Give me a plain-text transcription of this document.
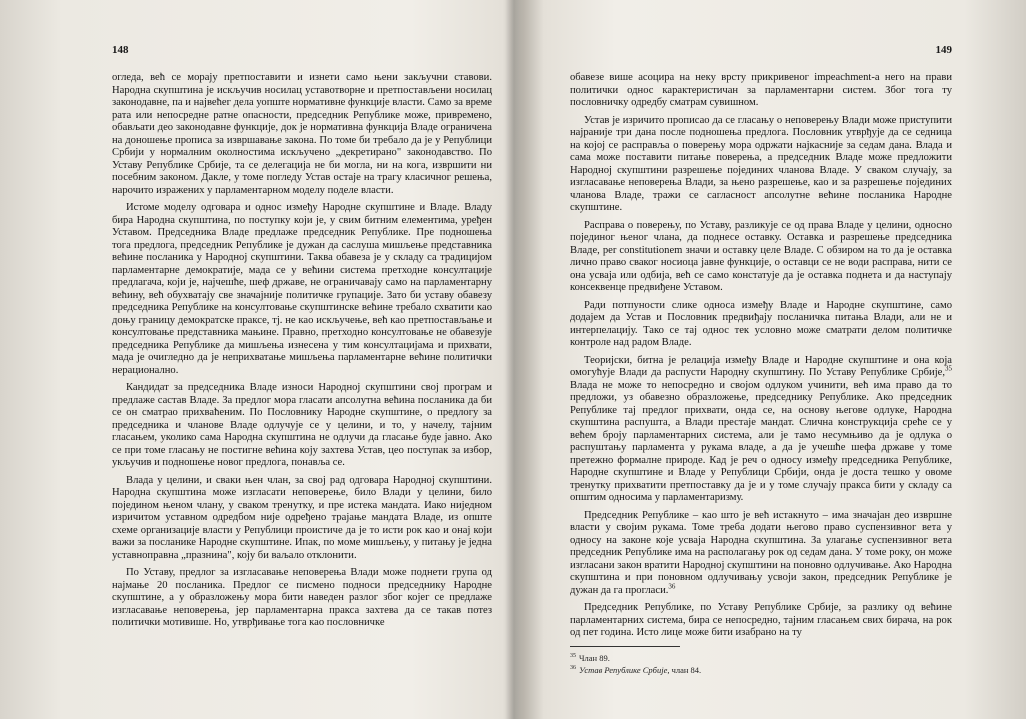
148

огледа, већ се морају претпоставити и изнети само њени закључни ставови. Народна скупштина је искључив носилац уставотворне и претпостављени носилац законодавне, па и највећег дела уопште нормативне функције власти. Само за време рата или непосредне ратне опасности, председник Републике може, привремено, обављати део законодавне функције, док је нормативна функција Владе ограничена на доношење прописа за извршавање закона. По томе би требало да је у Републици Србији у нормалним околностима искључено „декретирано" законодавство. По Уставу Републике Србије, та се делегација не би могла, ни на кога, извршити ни посебним законом. Дакле, у томе погледу Устав остаје на трагу класичног решења, нарочито изражених у парламентарном моделу поделе власти.

Истоме моделу одговара и однос између Народне скупштине и Владе. Владу бира Народна скупштина, по поступку који је, у свим битним елементима, уређен Уставом. Председника Владе предлаже председник Републике. Пре подношења тога предлога, председник Републике је дужан да саслуша мишљење представника већине посланика у Народној скупштини. Таква обавеза је у складу са традицијом парламентарне демократије, мада се у већини система претходне консултације предлагача, који је, најчешће, шеф државе, не ограничавају само на парламентарну већину, већ обухватају све значајније политичке групације. Зато би уставу обавезу председника Републике на консултовање скупштинске већине требало схватити као доњу границу демократске праксе, тј. не као искључење, већ као претпостављање и консултовање представника мањине. Правно, претходно консултовање не обавезује председника Републике да мишљења изнесена у тим консултацијама и прихвати, мада је очигледно да је неприхватање мишљења парламентарне већине политички нерационално.

Кандидат за председника Владе износи Народној скупштини свој програм и предлаже састав Владе. За предлог мора гласати апсолутна већина посланика да би се он сматрао прихваћеним. По Пословнику Народне скупштине, о предлогу за председника и чланове Владе одлучује се у целини, и то, у начелу, тајним гласањем, уколико сама Народна скупштина не одлучи да гласање буде јавно. Ако се при томе гласању не постигне већина коју захтева Устав, цео поступак за избор, укључив и подношење новог предлога, понавља се.

Влада у целини, и сваки њен члан, за свој рад одговара Народној скупштини. Народна скупштина може изгласати неповерење, било Влади у целини, било поједином њеном члану, у сваком тренутку, и пре истека мандата. Иако ниједном изричитом уставном одредбом није одређено трајање мандата Владе, из општe схеме организације власти у Републици проистиче да је то исти рок као и онај који важи за посланике Народне скупштине. Ипак, по моме мишљењу, у питању је једна уставноправна „празнина", коју би ваљало отклонити.

По Уставу, предлог за изгласавање неповерења Влади може поднети група од најмање 20 посланика. Предлог се писмено подноси председнику Народне скупштине, а у образложењу мора бити наведен разлог због којег се предлаже изгласавање неповерења, јер парламентарна пракса захтева да се такав потез политички мотивише. Но, утврђивање тога као пословничке

149

обавезе више асоцира на неку врсту прикривеног impeachment-а него на прави политички однос карактеристичан за парламентарни систем. Због тога ту пословничку одредбу сматрам сувишном.

Устав је изричито прописао да се гласању о неповерењу Влади може приступити најраније три дана после подношења предлога. Пословник утврђује да се седница на којој се расправља о поверењу мора одржати најкасније за седам дана. Влада и сама може поставити питање поверења, а председник Владе може предложити Народној скупштини разрешење појединих чланова Владе. У сваком случају, за изгласавање неповерења Влади, за њено разрешење, као и за разрешење појединих чланова Владе, тражи се сагласност апсолутне већине посланика Народне скупштине.

Расправа о поверењу, по Уставу, разликује се од права Владе у целини, односно појединог њеног члана, да поднесе оставку. Оставка и разрешење председника Владе, per constitutionem значи и оставку целе Владе. С обзиром на то да је оставка лично право сваког носиоца јавне функције, о оставци се не води расправа, нити се она усваја или одбија, већ се само констатује да је оставка поднета и да наступају консеквенце предвиђене Уставом.

Ради потпуности слике односа између Владе и Народне скупштине, само додајем да Устав и Пословник предвиђају посланичка питања Влади, али не и интерпелацију. Тако се тај однос тек условно може сматрати делом политичке контроле над радом Владе.

Теоријски, битна је релација између Владе и Народне скупштине и она која омогућује Влади да распусти Народну скупштину. По Уставу Републике Србије,$^{35}$ Влада не може то непосредно и својом одлуком учинити, већ има право да то предложи, уз обавезно образложење, председнику Републике. Ако председник Републике тај предлог прихвати, онда се, на основу његове одлуке, Народна скупштина распушта, а Влади престаје мандат. Слична конструкција среће се у већем броју парламентарних система, али је тамо несумњиво да је одлука о распуштању парламента у рукама владе, а да је учешће шефа државе у томе претежно формалне природе. Кад је реч о односу између председника Републике, Народне скупштине и Владе у Републици Србији, онда је доста тешко у овоме тренутку прихватити претпоставку да је и у томе случају пракса бити у складу са општим односима у парламентаризму.

Председник Републике – као што је већ истакнуто – има значајан део извршне власти у својим рукама. Томе треба додати његово право суспензивног вета у односу на законе које усваја Народна скупштина. За улагање суспензивног вета председник Републике има на располагању рок од седам дана. У томе року, он може изгласани закон вратити Народној скупштини на поновно одлучивање. Ако Народна скупштина и при поновном одлучивању усвоји закон, председник Републике је дужан да га прогласи.$^{36}$

Председник Републике, по Уставу Републике Србије, за разлику од већине парламентарних система, бира се непосредно, тајним гласањем свих бирача, на рок од пет година. Исто лице може бити изабрано на ту

$^{35}$ Члан 89.
$^{36}$ Устав Републике Србије, члан 84.
